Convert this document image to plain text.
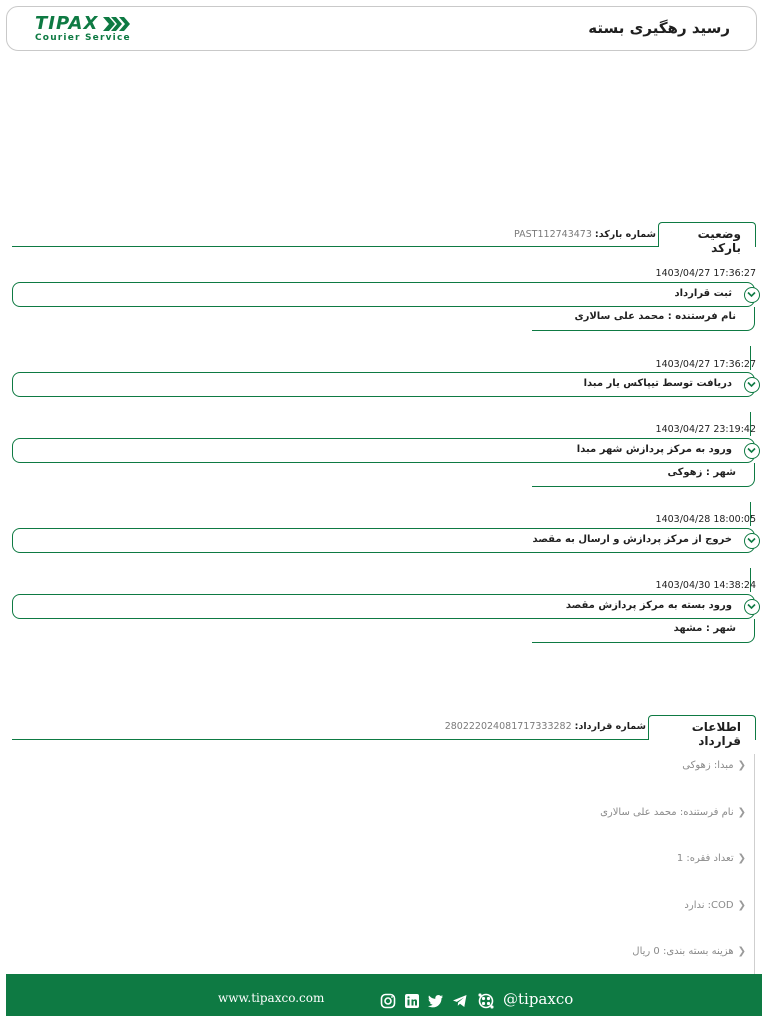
TIPAX
Courier Service
رسید رهگیری بسته
وضعیت بارکد
شماره بارکد: PAST112743473
1403/04/27 17:36:27
ثبت قرارداد
نام فرستنده : محمد علی سالاری
1403/04/27 17:36:27
دریافت توسط تیپاکس یار مبدا
1403/04/27 23:19:42
ورود به مرکز پردازش شهر مبدا
شهر : زهوکی
1403/04/28 18:00:05
خروج از مرکز پردازش و ارسال به مقصد
1403/04/30 14:38:24
ورود بسته به مرکز پردازش مقصد
شهر : مشهد
اطلاعات قرارداد
شماره قرارداد: 280222024081717333282
❮مبدا: زهوکی
❮نام فرستنده: محمد علی سالاری
❮تعداد فقره: 1
❮COD: ندارد
❮هزینه بسته بندی: 0 ریال
www.tipaxco.com	@tipaxco
